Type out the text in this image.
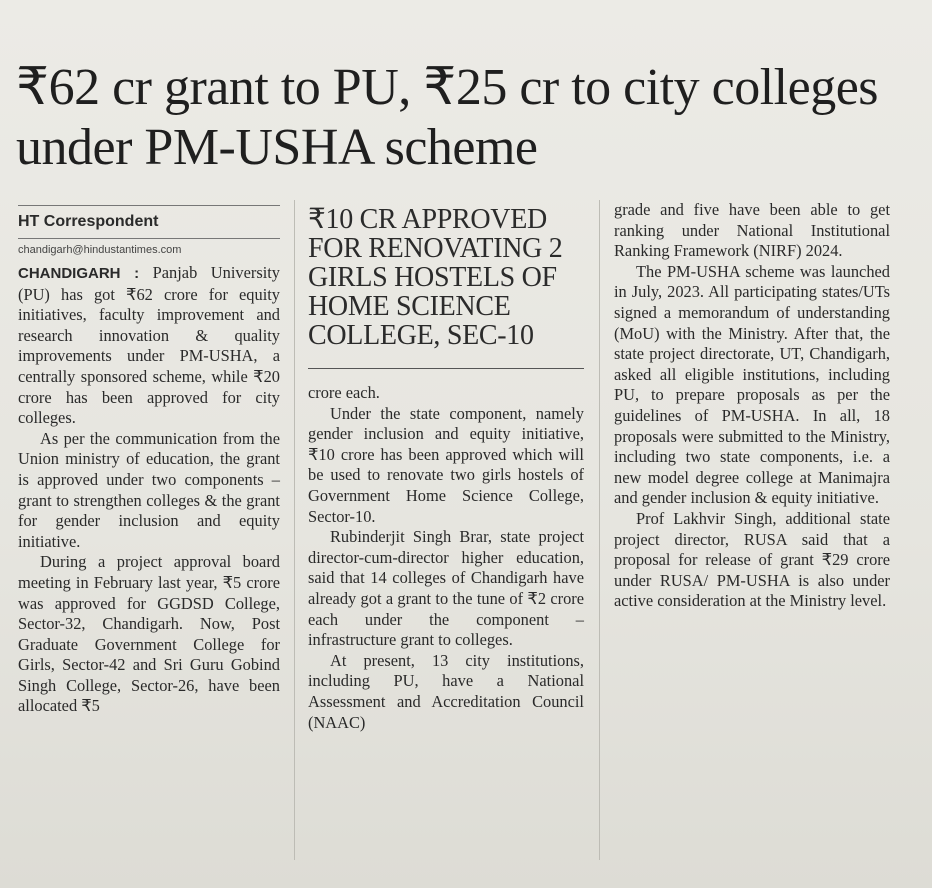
₹62 cr grant to PU, ₹25 cr to city colleges under PM-USHA scheme
HT Correspondent
chandigarh@hindustantimes.com

CHANDIGARH : Panjab University (PU) has got ₹62 crore for equity initiatives, faculty improvement and research innovation & quality improvements under PM-USHA, a centrally sponsored scheme, while ₹20 crore has been approved for city colleges.

As per the communication from the Union ministry of education, the grant is approved under two components – grant to strengthen colleges & the grant for gender inclusion and equity initiative.

During a project approval board meeting in February last year, ₹5 crore was approved for GGDSD College, Sector-32, Chandigarh. Now, Post Graduate Government College for Girls, Sector-42 and Sri Guru Gobind Singh College, Sector-26, have been allocated ₹5

₹10 CR APPROVED FOR RENOVATING 2 GIRLS HOSTELS OF HOME SCIENCE COLLEGE, SEC-10

crore each.

Under the state component, namely gender inclusion and equity initiative, ₹10 crore has been approved which will be used to renovate two girls hostels of Government Home Science College, Sector-10.

Rubinderjit Singh Brar, state project director-cum-director higher education, said that 14 colleges of Chandigarh have already got a grant to the tune of ₹2 crore each under the component – infrastructure grant to colleges.

At present, 13 city institutions, including PU, have a National Assessment and Accreditation Council (NAAC)

grade and five have been able to get ranking under National Institutional Ranking Framework (NIRF) 2024.

The PM-USHA scheme was launched in July, 2023. All participating states/UTs signed a memorandum of understanding (MoU) with the Ministry. After that, the state project directorate, UT, Chandigarh, asked all eligible institutions, including PU, to prepare proposals as per the guidelines of PM-USHA. In all, 18 proposals were submitted to the Ministry, including two state components, i.e. a new model degree college at Manimajra and gender inclusion & equity initiative.

Prof Lakhvir Singh, additional state project director, RUSA said that a proposal for release of grant ₹29 crore under RUSA/ PM-USHA is also under active consideration at the Ministry level.
